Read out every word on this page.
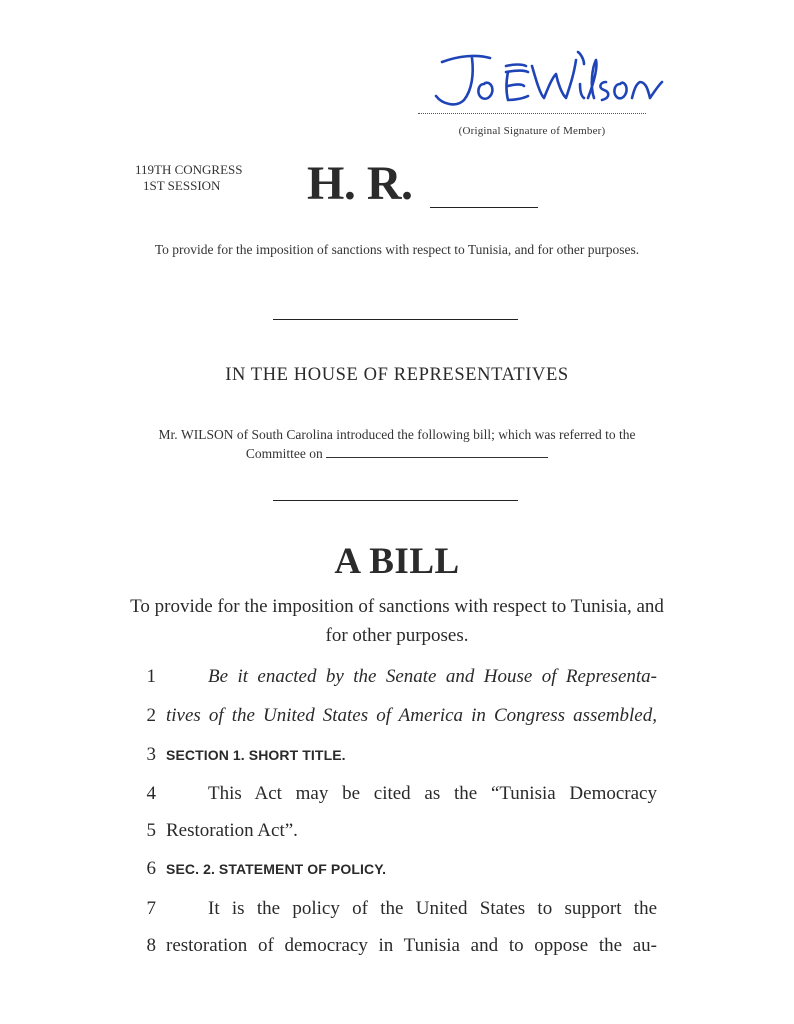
(Original Signature of Member)
119TH CONGRESS
1ST SESSION	H. R.
To provide for the imposition of sanctions with respect to Tunisia, and for other purposes.
IN THE HOUSE OF REPRESENTATIVES
Mr. WILSON of South Carolina introduced the following bill; which was referred to the Committee on
A BILL
To provide for the imposition of sanctions with respect to Tunisia, and for other purposes.
1	Be it enacted by the Senate and House of Representa-
2 tives of the United States of America in Congress assembled,
3 SECTION 1. SHORT TITLE.
4	This Act may be cited as the “Tunisia Democracy
5 Restoration Act”.
6 SEC. 2. STATEMENT OF POLICY.
7	It is the policy of the United States to support the
8 restoration of democracy in Tunisia and to oppose the au-
